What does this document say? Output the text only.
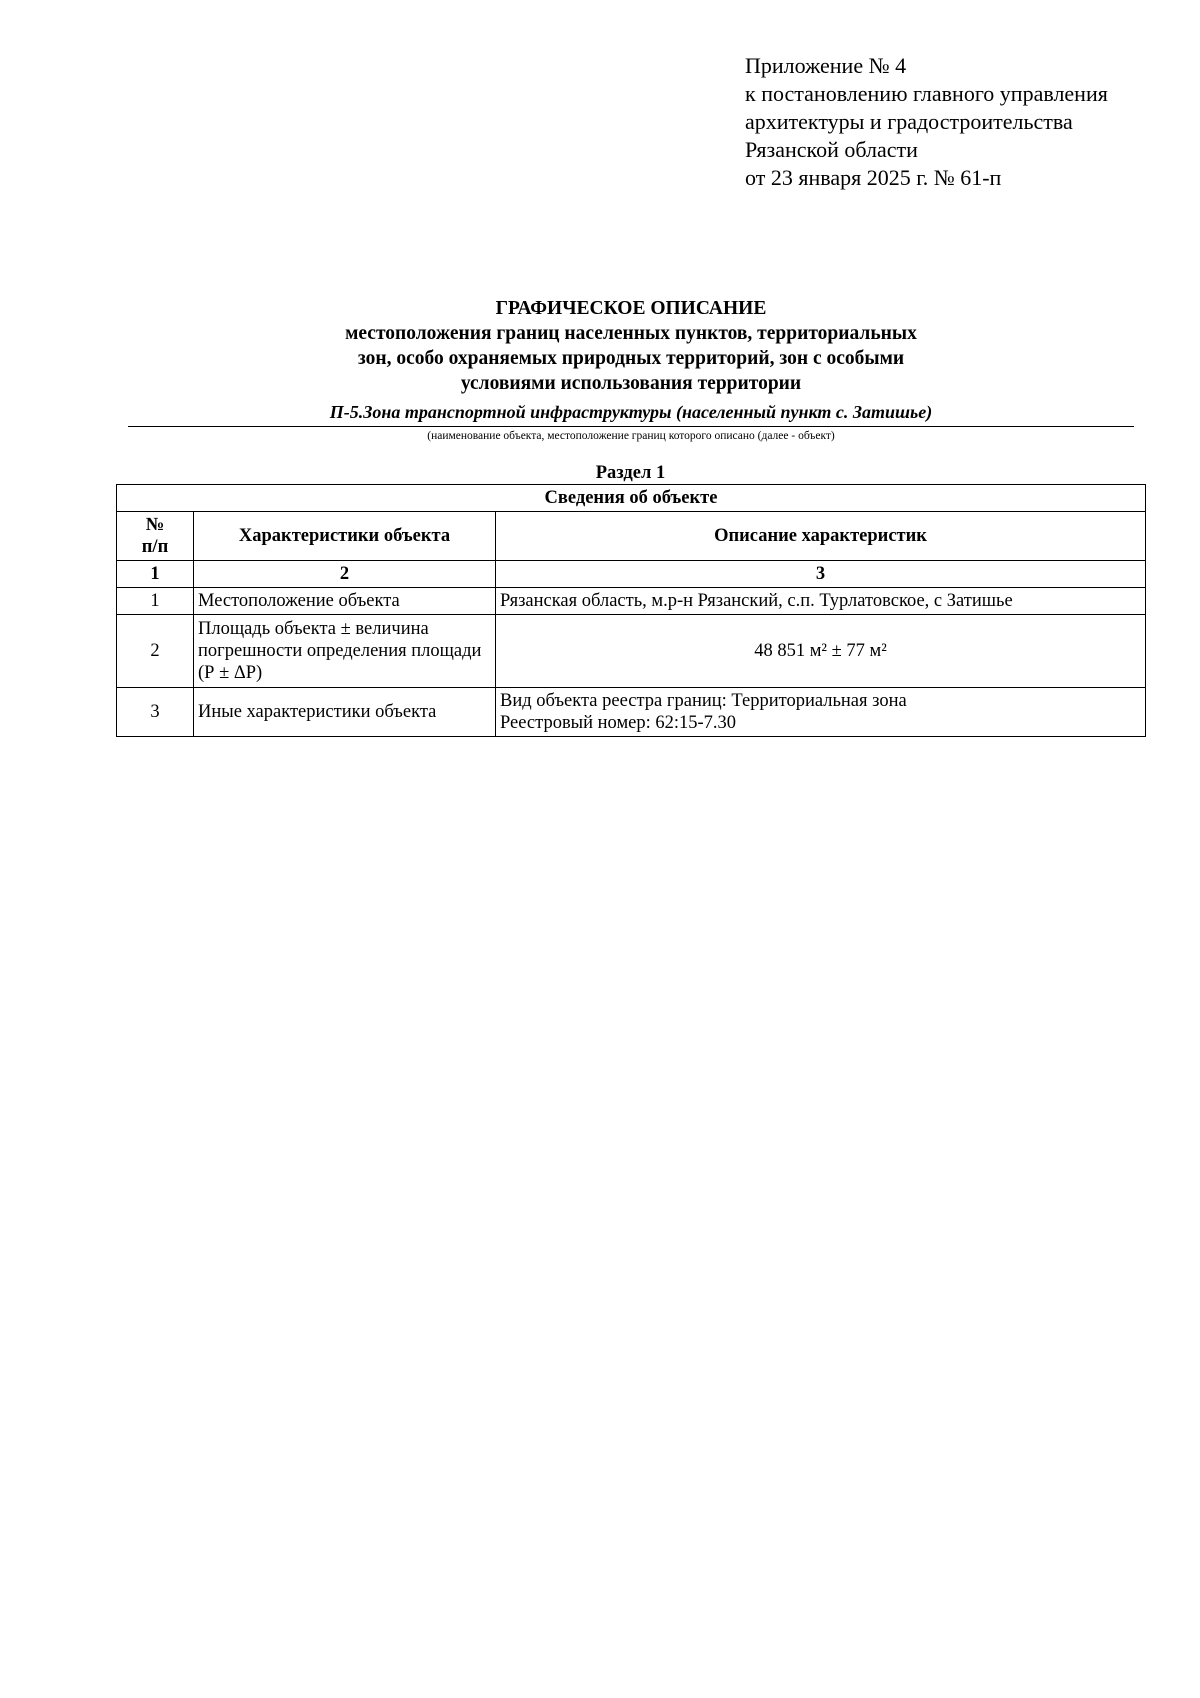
Приложение № 4
к постановлению главного управления
архитектуры и градостроительства
Рязанской области
от 23 января 2025 г. № 61-п
ГРАФИЧЕСКОЕ ОПИСАНИЕ
местоположения границ населенных пунктов, территориальных
зон, особо охраняемых природных территорий, зон с особыми
условиями использования территории
П-5.Зона транспортной инфраструктуры (населенный пункт с. Затишье)
(наименование объекта, местоположение границ которого описано (далее - объект)
Раздел 1
Сведения об объекте		

№
п/п	Характеристики объекта	Описание характеристик
1	2	3
1	Местоположение объекта	Рязанская область, м.р-н Рязанский, с.п. Турлатовское, с Затишье
2	Площадь объекта ± величина
погрешности определения площади
(Р ± ΔР)	48 851 м² ± 77 м²
3	Иные характеристики объекта	Вид объекта реестра границ: Территориальная зона
Реестровый номер: 62:15-7.30
